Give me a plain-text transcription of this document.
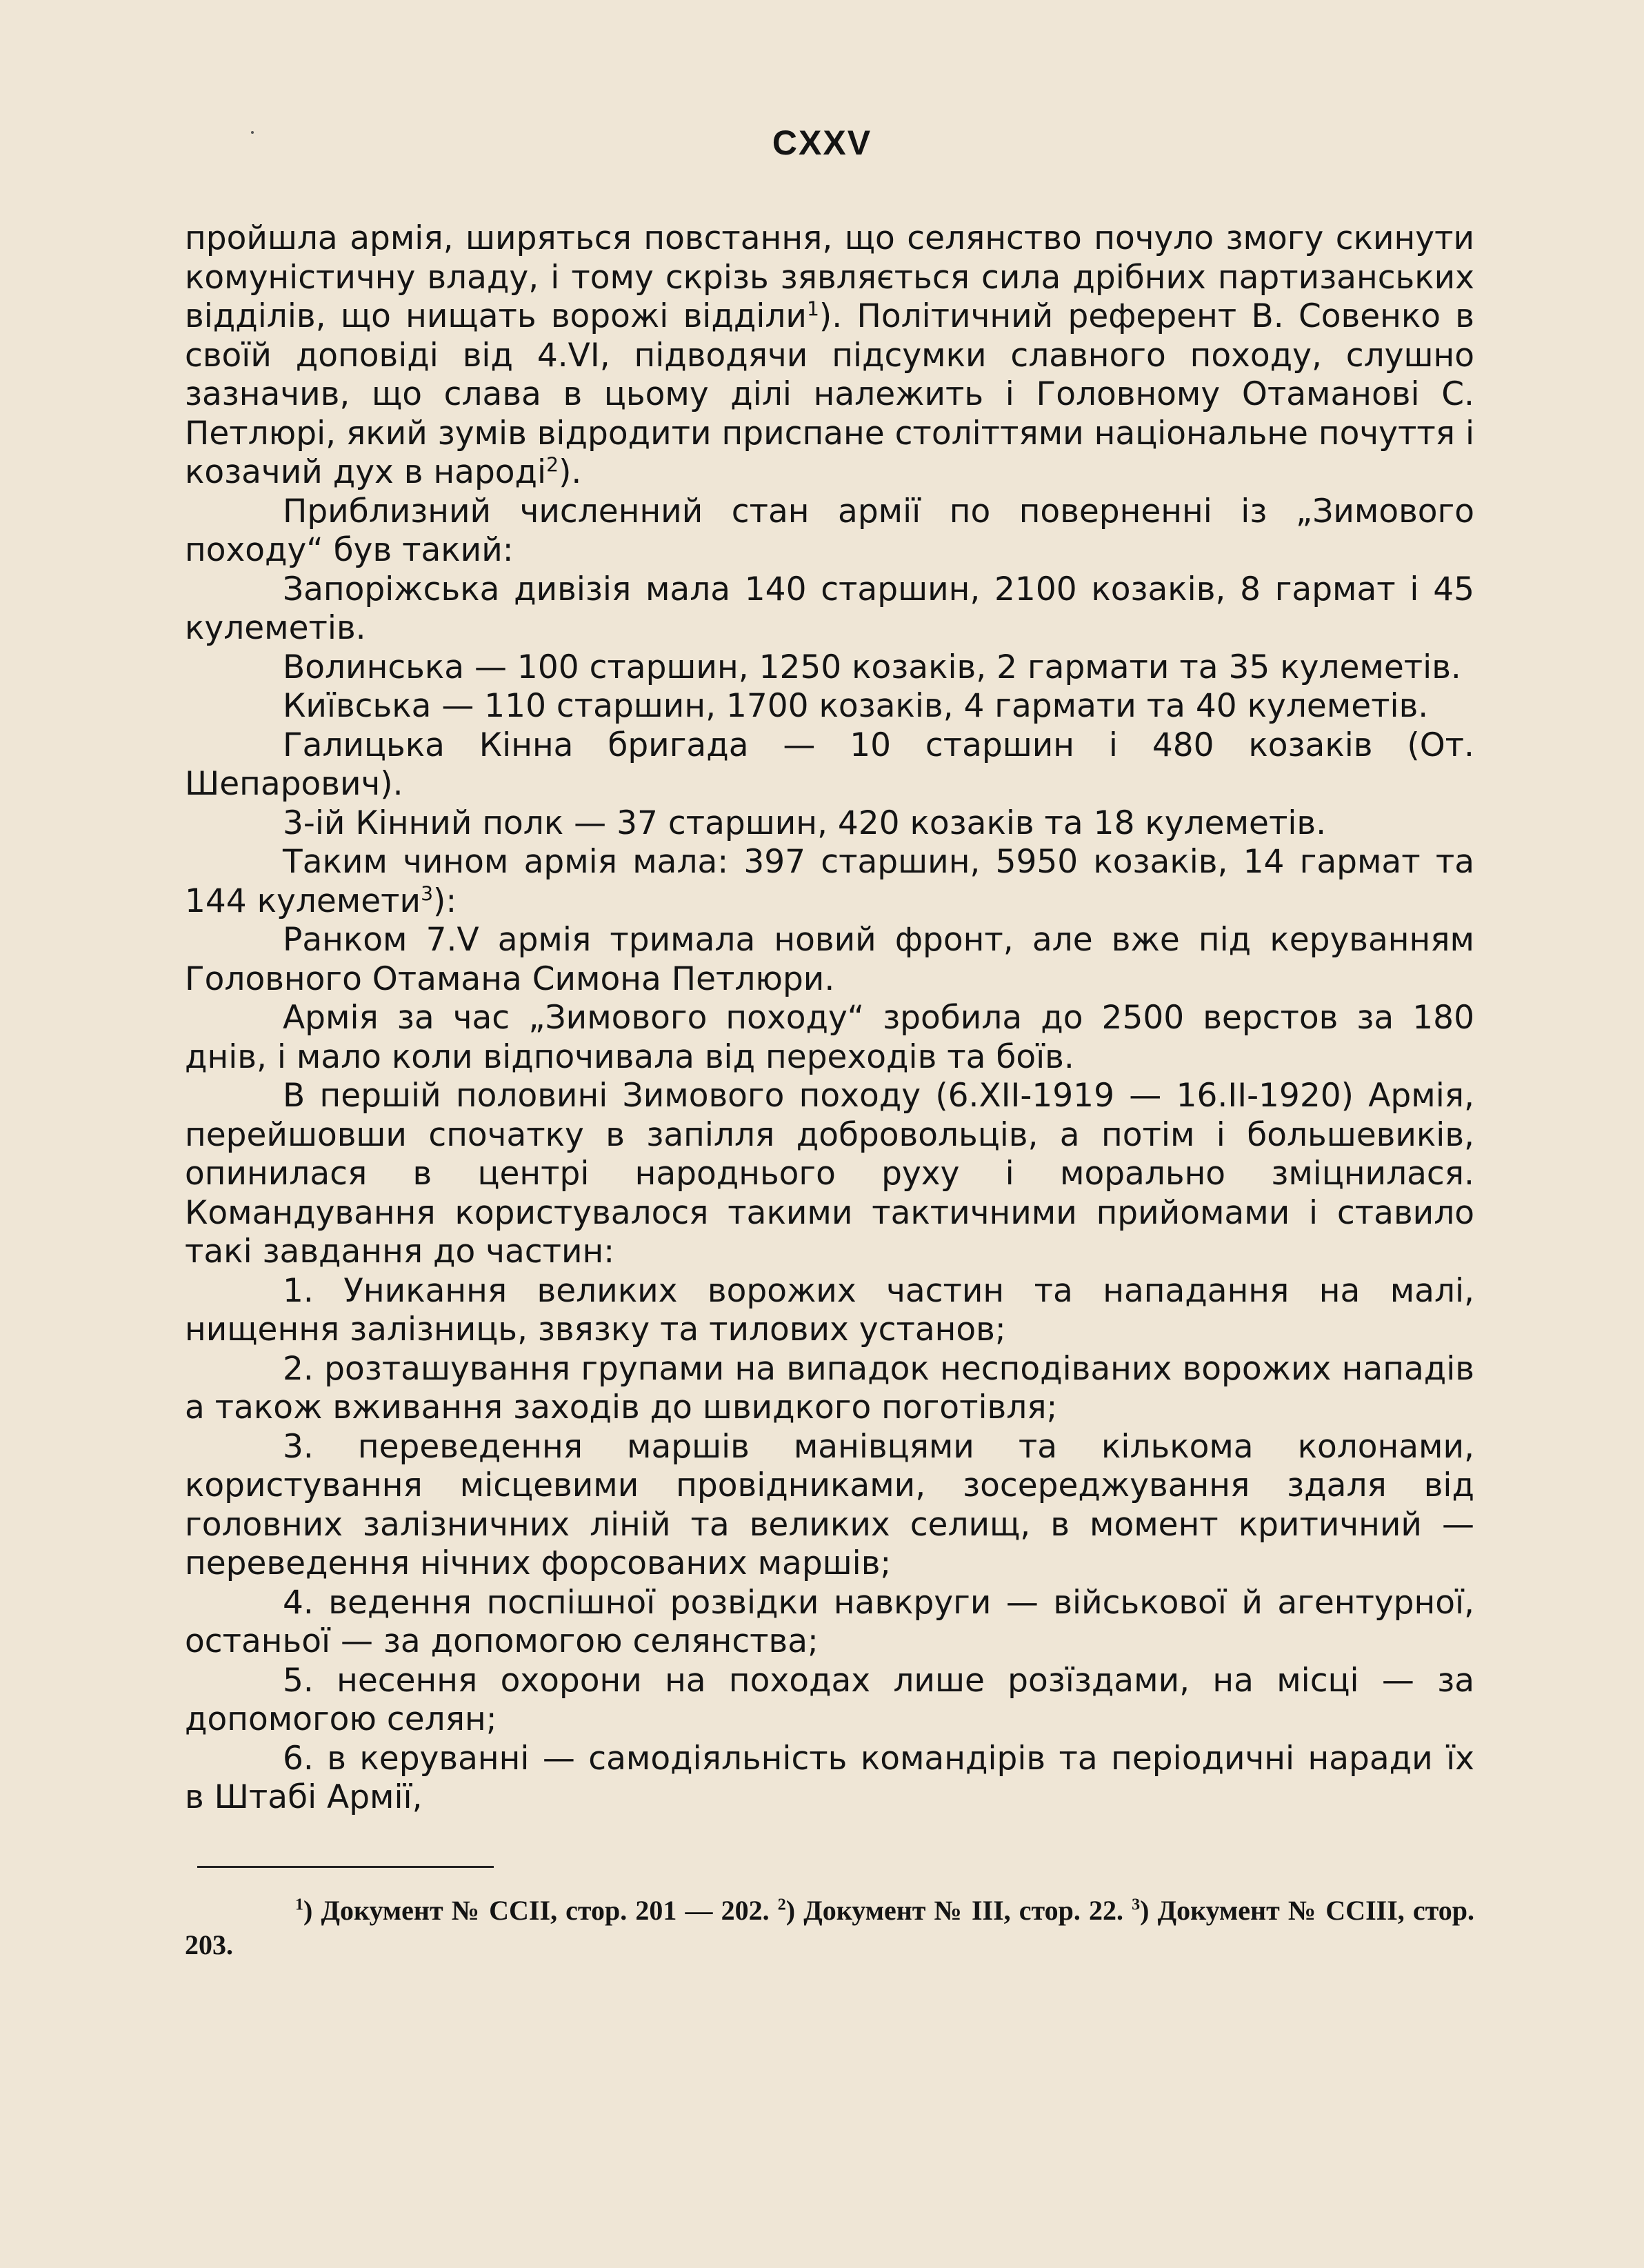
CXXV

пройшла армія, ширяться повстання, що селянство почуло змогу скинути комуністичну владу, і тому скрізь зявляється сила дрібних партизанських відділів, що нищать ворожі відділи$^1$). Політичний референт В. Совенко в своїй доповіді від 4.VI, підводячи підсумки славного походу, слушно зазначив, що слава в цьому ділі належить і Головному Отаманові С. Петлюрі, який зумів відродити приспане століттями національне почуття і козачий дух в народі$^2$).

Приблизний численний стан армії по поверненні із „Зимового походу“ був такий:

Запоріжська дивізія мала 140 старшин, 2100 козаків, 8 гармат і 45 кулеметів.

Волинська — 100 старшин, 1250 козаків, 2 гармати та 35 кулеметів.

Київська — 110 старшин, 1700 козаків, 4 гармати та 40 кулеметів.

Галицька Кінна бригада — 10 старшин і 480 козаків (От. Шепарович).

3-ій Кінний полк — 37 старшин, 420 козаків та 18 кулеметів.

Таким чином армія мала: 397 старшин, 5950 козаків, 14 гармат та 144 кулемети$^3$):

Ранком 7.V армія тримала новий фронт, але вже під керуванням Головного Отамана Симона Петлюри.

Армія за час „Зимового походу“ зробила до 2500 верстов за 180 днів, і мало коли відпочивала від переходів та боїв.

В першій половині Зимового походу (6.XII-1919 — 16.II-1920) Армія, перейшовши спочатку в запілля добровольців, а потім і большевиків, опинилася в центрі народнього руху і морально зміцнилася. Командування користувалося такими тактичними прийомами і ставило такі завдання до частин:

1. Уникання великих ворожих частин та нападання на малі, нищення залізниць, звязку та тилових установ;

2. розташування групами на випадок несподіваних ворожих нападів а також вживання заходів до швидкого поготівля;

3. переведення маршів манівцями та кількома колонами, користування місцевими провідниками, зосереджування здаля від головних залізничних ліній та великих селищ, в момент критичний — переведення нічних форсованих маршів;

4. ведення поспішної розвідки навкруги — військової й агентурної, останьої — за допомогою селянства;

5. несення охорони на походах лише розїздами, на місці — за допомогою селян;

6. в керуванні — самодіяльність командірів та періодичні наради їх в Штабі Армії,

$^1$) Документ № CCII, стор. 201 — 202. $^2$) Документ № III, стор. 22. $^3$) Документ № CCIII, стор. 203.
